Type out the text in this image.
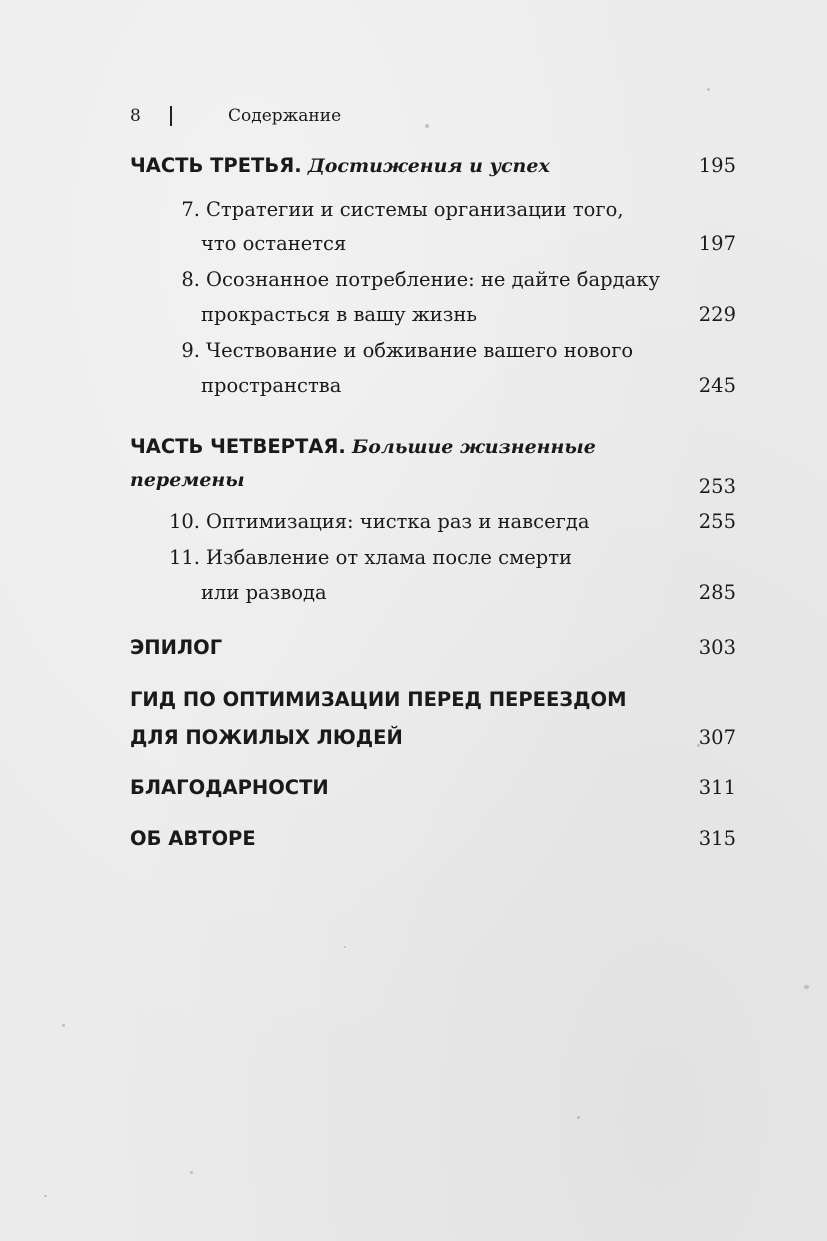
8	Содержание
ЧАСТЬ ТРЕТЬЯ. Достижения и успех	195
7. Стратегии и системы организации того,
что останется	197
8. Осознанное потребление: не дайте бардаку
прокрасться в вашу жизнь	229
9. Чествование и обживание вашего нового
пространства	245
ЧАСТЬ ЧЕТВЕРТАЯ. Большие жизненные
перемены	253
10. Оптимизация: чистка раз и навсегда	255
11. Избавление от хлама после смерти
или развода	285
ЭПИЛОГ	303
ГИД ПО ОПТИМИЗАЦИИ ПЕРЕД ПЕРЕЕЗДОМ
ДЛЯ ПОЖИЛЫХ ЛЮДЕЙ	307
БЛАГОДАРНОСТИ	311
ОБ АВТОРЕ	315
